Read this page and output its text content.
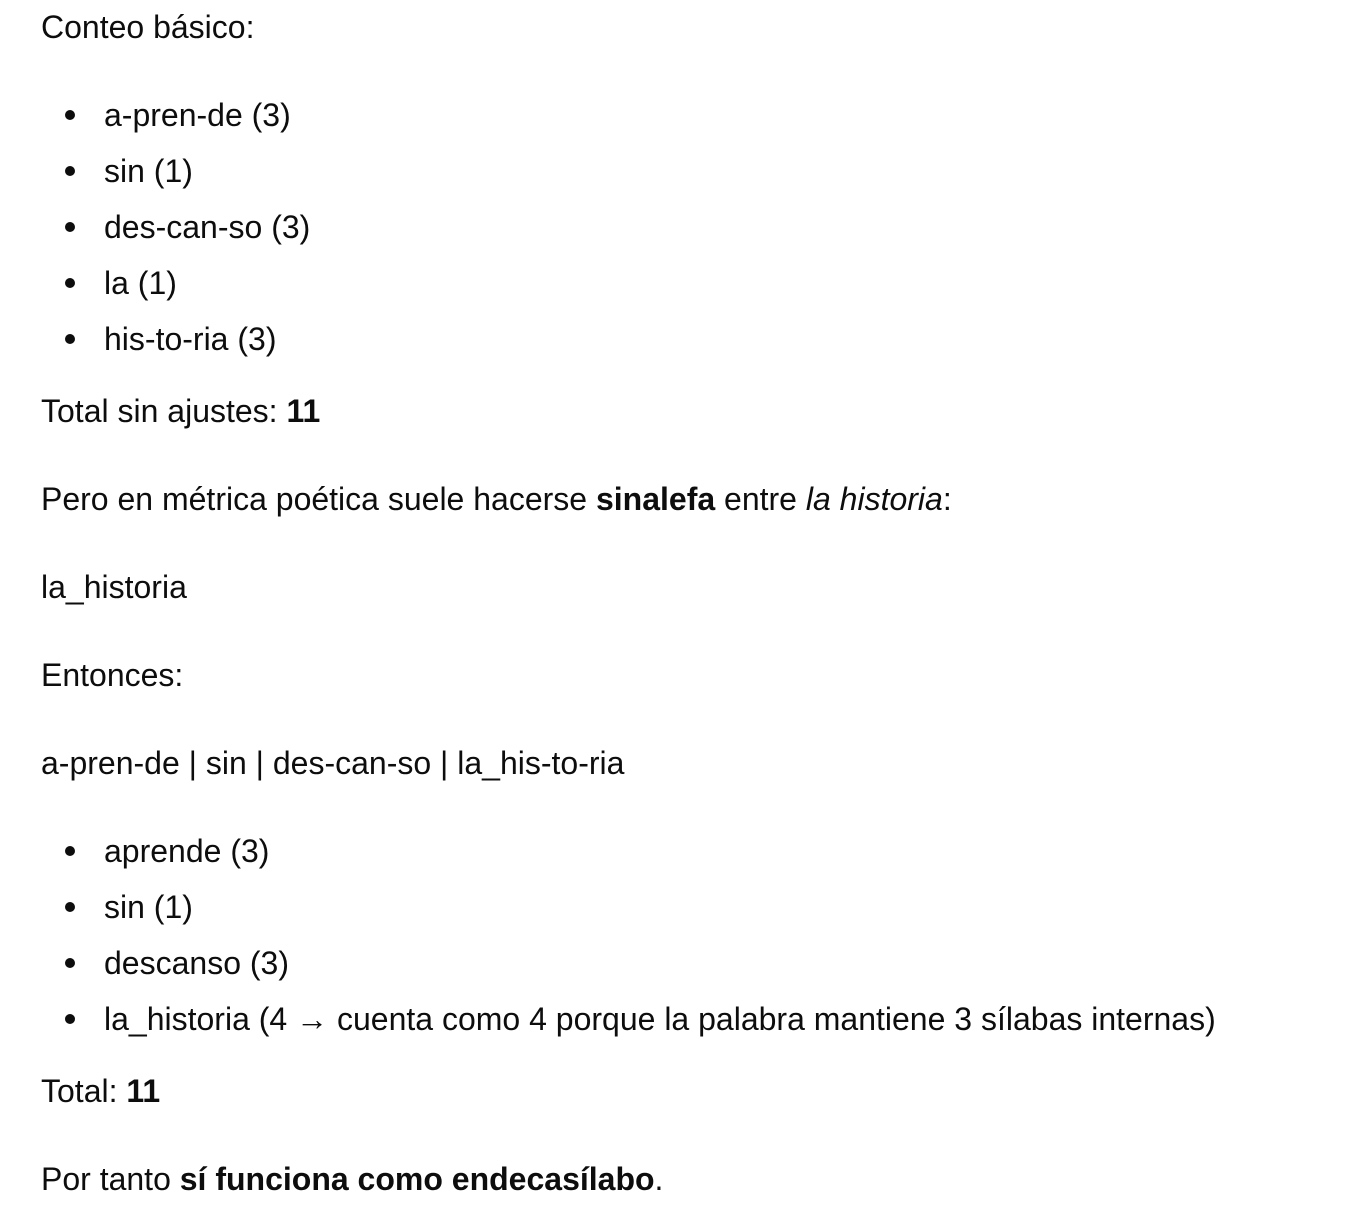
Conteo básico:

a-pren-de (3)
sin (1)
des-can-so (3)
la (1)
his-to-ria (3)

Total sin ajustes: 11

Pero en métrica poética suele hacerse sinalefa entre la historia:

la_historia

Entonces:

a-pren-de | sin | des-can-so | la_his-to-ria

aprende (3)
sin (1)
descanso (3)
la_historia (4 → cuenta como 4 porque la palabra mantiene 3 sílabas internas)

Total: 11

Por tanto sí funciona como endecasílabo.
